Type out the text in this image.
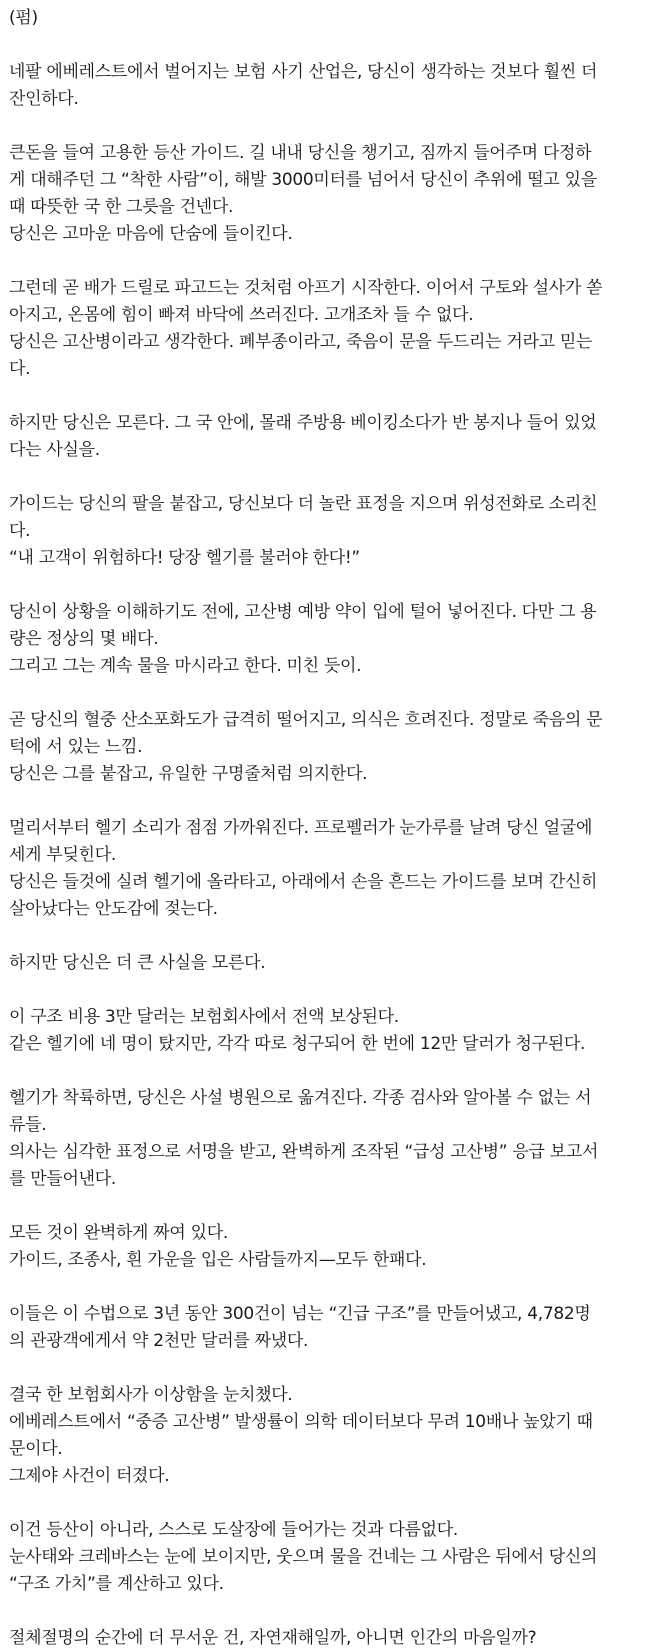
(펌)
네팔 에베레스트에서 벌어지는 보험 사기 산업은, 당신이 생각하는 것보다 훨씬 더
잔인하다.
큰돈을 들여 고용한 등산 가이드. 길 내내 당신을 챙기고, 짐까지 들어주며 다정하
게 대해주던 그 “착한 사람”이, 해발 3000미터를 넘어서 당신이 추위에 떨고 있을
때 따뜻한 국 한 그릇을 건넨다.
당신은 고마운 마음에 단숨에 들이킨다.
그런데 곧 배가 드릴로 파고드는 것처럼 아프기 시작한다. 이어서 구토와 설사가 쏟
아지고, 온몸에 힘이 빠져 바닥에 쓰러진다. 고개조차 들 수 없다.
당신은 고산병이라고 생각한다. 폐부종이라고, 죽음이 문을 두드리는 거라고 믿는
다.
하지만 당신은 모른다. 그 국 안에, 몰래 주방용 베이킹소다가 반 봉지나 들어 있었
다는 사실을.
가이드는 당신의 팔을 붙잡고, 당신보다 더 놀란 표정을 지으며 위성전화로 소리친
다.
“내 고객이 위험하다! 당장 헬기를 불러야 한다!”
당신이 상황을 이해하기도 전에, 고산병 예방 약이 입에 털어 넣어진다. 다만 그 용
량은 정상의 몇 배다.
그리고 그는 계속 물을 마시라고 한다. 미친 듯이.
곧 당신의 혈중 산소포화도가 급격히 떨어지고, 의식은 흐려진다. 정말로 죽음의 문
턱에 서 있는 느낌.
당신은 그를 붙잡고, 유일한 구명줄처럼 의지한다.
멀리서부터 헬기 소리가 점점 가까워진다. 프로펠러가 눈가루를 날려 당신 얼굴에
세게 부딪힌다.
당신은 들것에 실려 헬기에 올라타고, 아래에서 손을 흔드는 가이드를 보며 간신히
살아났다는 안도감에 젖는다.
하지만 당신은 더 큰 사실을 모른다.
이 구조 비용 3만 달러는 보험회사에서 전액 보상된다.
같은 헬기에 네 명이 탔지만, 각각 따로 청구되어 한 번에 12만 달러가 청구된다.
헬기가 착륙하면, 당신은 사설 병원으로 옮겨진다. 각종 검사와 알아볼 수 없는 서
류들.
의사는 심각한 표정으로 서명을 받고, 완벽하게 조작된 “급성 고산병” 응급 보고서
를 만들어낸다.
모든 것이 완벽하게 짜여 있다.
가이드, 조종사, 흰 가운을 입은 사람들까지—모두 한패다.
이들은 이 수법으로 3년 동안 300건이 넘는 “긴급 구조”를 만들어냈고, 4,782명
의 관광객에게서 약 2천만 달러를 짜냈다.
결국 한 보험회사가 이상함을 눈치챘다.
에베레스트에서 “중증 고산병” 발생률이 의학 데이터보다 무려 10배나 높았기 때
문이다.
그제야 사건이 터졌다.
이건 등산이 아니라, 스스로 도살장에 들어가는 것과 다름없다.
눈사태와 크레바스는 눈에 보이지만, 웃으며 물을 건네는 그 사람은 뒤에서 당신의
“구조 가치”를 계산하고 있다.
절체절명의 순간에 더 무서운 건, 자연재해일까, 아니면 인간의 마음일까?
